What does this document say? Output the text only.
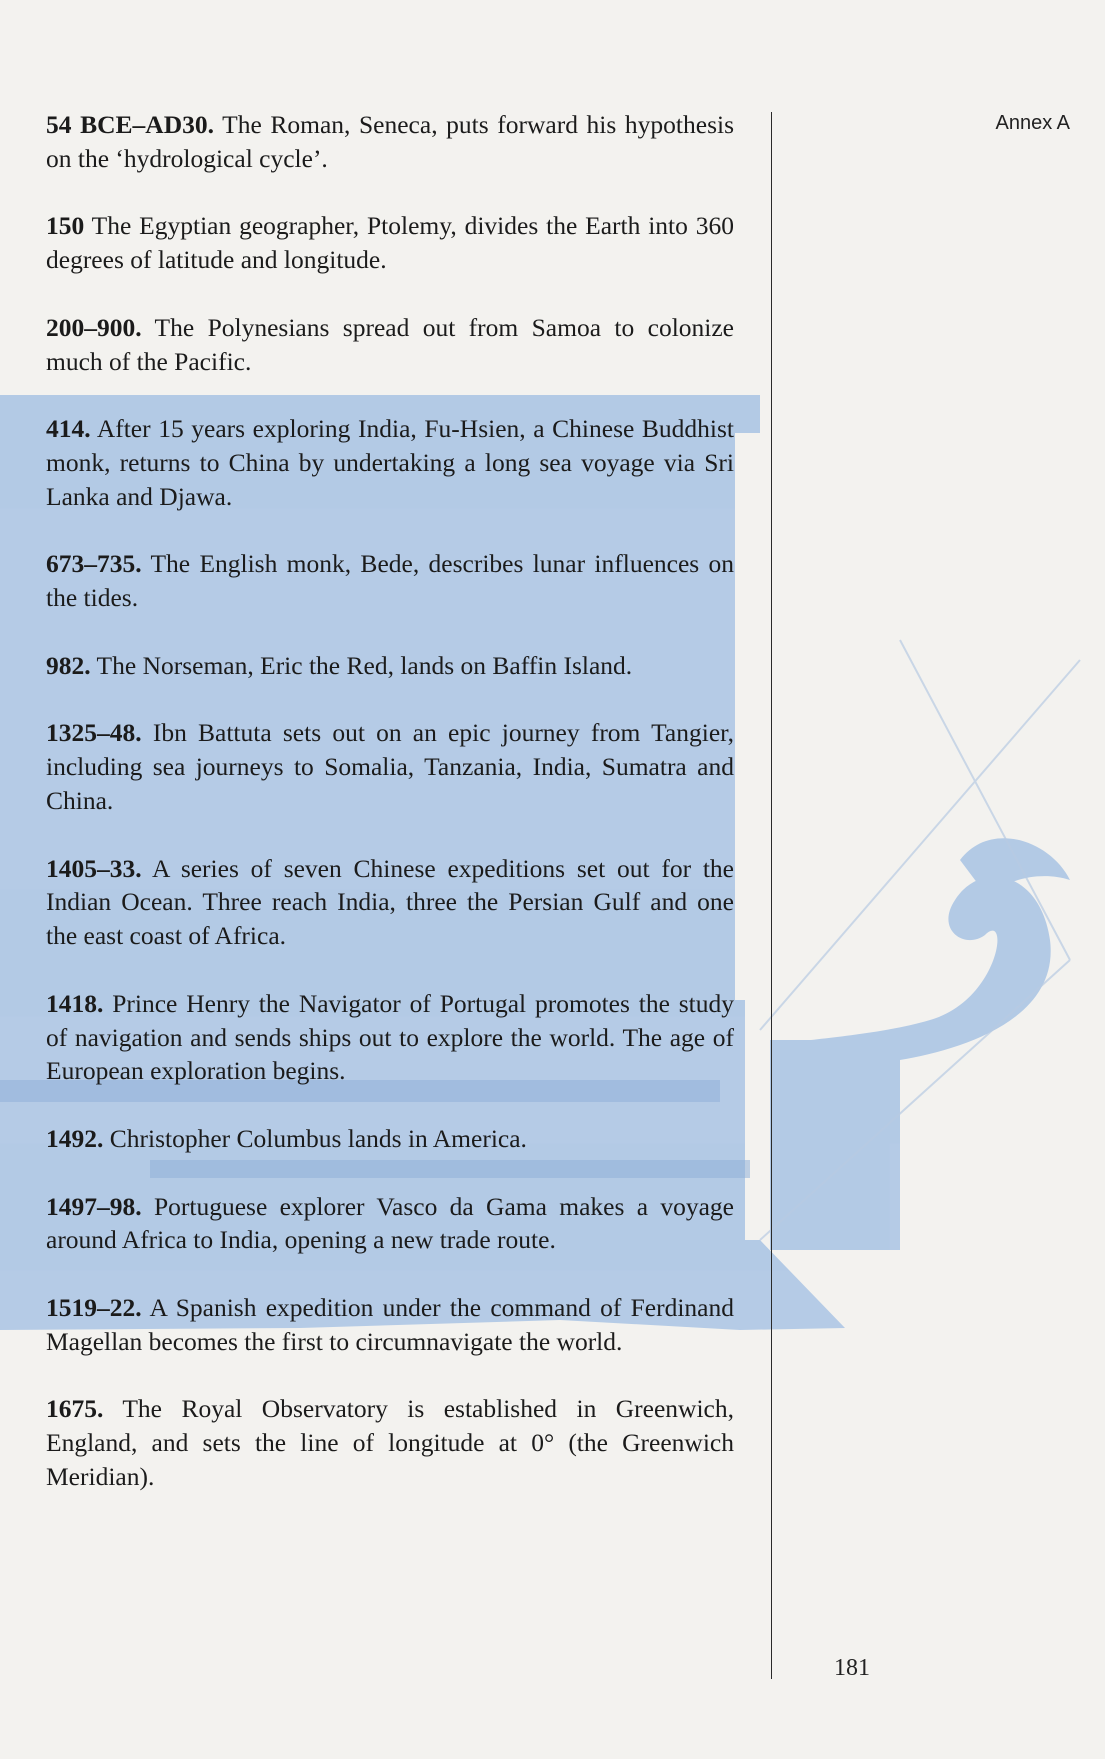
Annex A

54 BCE–AD30. The Roman, Seneca, puts forward his hypothesis on the ‘hydrological cycle’.

150 The Egyptian geographer, Ptolemy, divides the Earth into 360 degrees of latitude and longitude.

200–900. The Polynesians spread out from Samoa to colonize much of the Pacific.

414. After 15 years exploring India, Fu-Hsien, a Chinese Buddhist monk, returns to China by undertaking a long sea voyage via Sri Lanka and Djawa.

673–735. The English monk, Bede, describes lunar influences on the tides.

982. The Norseman, Eric the Red, lands on Baffin Island.

1325–48. Ibn Battuta sets out on an epic journey from Tangier, including sea journeys to Somalia, Tanzania, India, Sumatra and China.

1405–33. A series of seven Chinese expeditions set out for the Indian Ocean. Three reach India, three the Persian Gulf and one the east coast of Africa.

1418. Prince Henry the Navigator of Portugal promotes the study of navigation and sends ships out to explore the world. The age of European exploration begins.

1492. Christopher Columbus lands in America.

1497–98. Portuguese explorer Vasco da Gama makes a voyage around Africa to India, opening a new trade route.

1519–22. A Spanish expedition under the command of Ferdinand Magellan becomes the first to circumnavigate the world.

1675. The Royal Observatory is established in Greenwich, England, and sets the line of longitude at 0° (the Greenwich Meridian).

181
